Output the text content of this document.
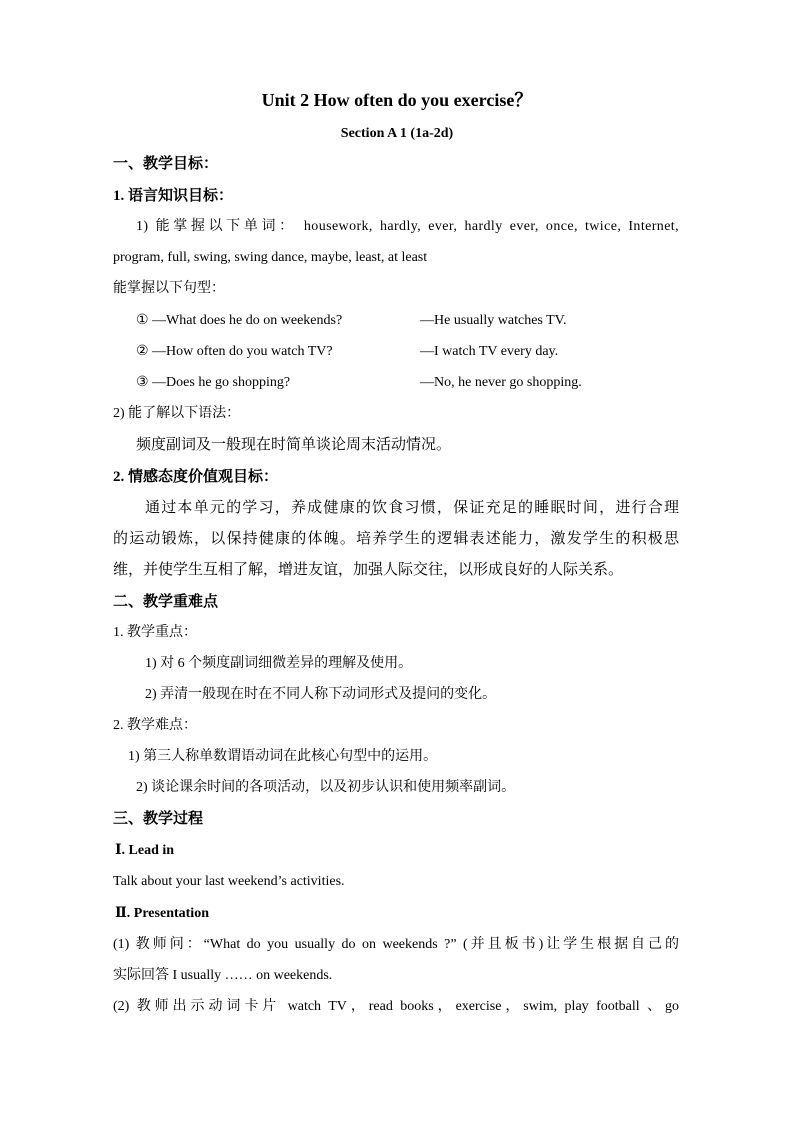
Unit 2 How often do you exercise？
Section A 1 (1a-2d)
一、教学目标：
1. 语言知识目标：
1) 能掌握以下单词： housework, hardly, ever, hardly ever, once, twice, Internet,
program, full, swing, swing dance, maybe, least, at least
能掌握以下句型：
① —What does he do on weekends?	—He usually watches TV.
② —How often do you watch TV?	—I watch TV every day.
③ —Does he go shopping?	—No, he never go shopping.
2) 能了解以下语法：
频度副词及一般现在时简单谈论周末活动情况。
2. 情感态度价值观目标：
通过本单元的学习，养成健康的饮食习惯，保证充足的睡眠时间，进行合理
的运动锻炼，以保持健康的体魄。培养学生的逻辑表述能力，激发学生的积极思
维，并使学生互相了解，增进友谊，加强人际交往，以形成良好的人际关系。
二、教学重难点
1. 教学重点：
1) 对 6 个频度副词细微差异的理解及使用。
2) 弄清一般现在时在不同人称下动词形式及提问的变化。
2. 教学难点：
1) 第三人称单数谓语动词在此核心句型中的运用。
2) 谈论课余时间的各项活动，以及初步认识和使用频率副词。
三、教学过程
Ⅰ. Lead in
Talk about your last weekend’s activities.
Ⅱ. Presentation
(1) 教师问：“What do you usually do on weekends ?” (并且板书)让学生根据自己的
实际回答 I usually …… on weekends.
(2) 教师出示动词卡片 watch TV，read books，exercise，swim, play football 、go
